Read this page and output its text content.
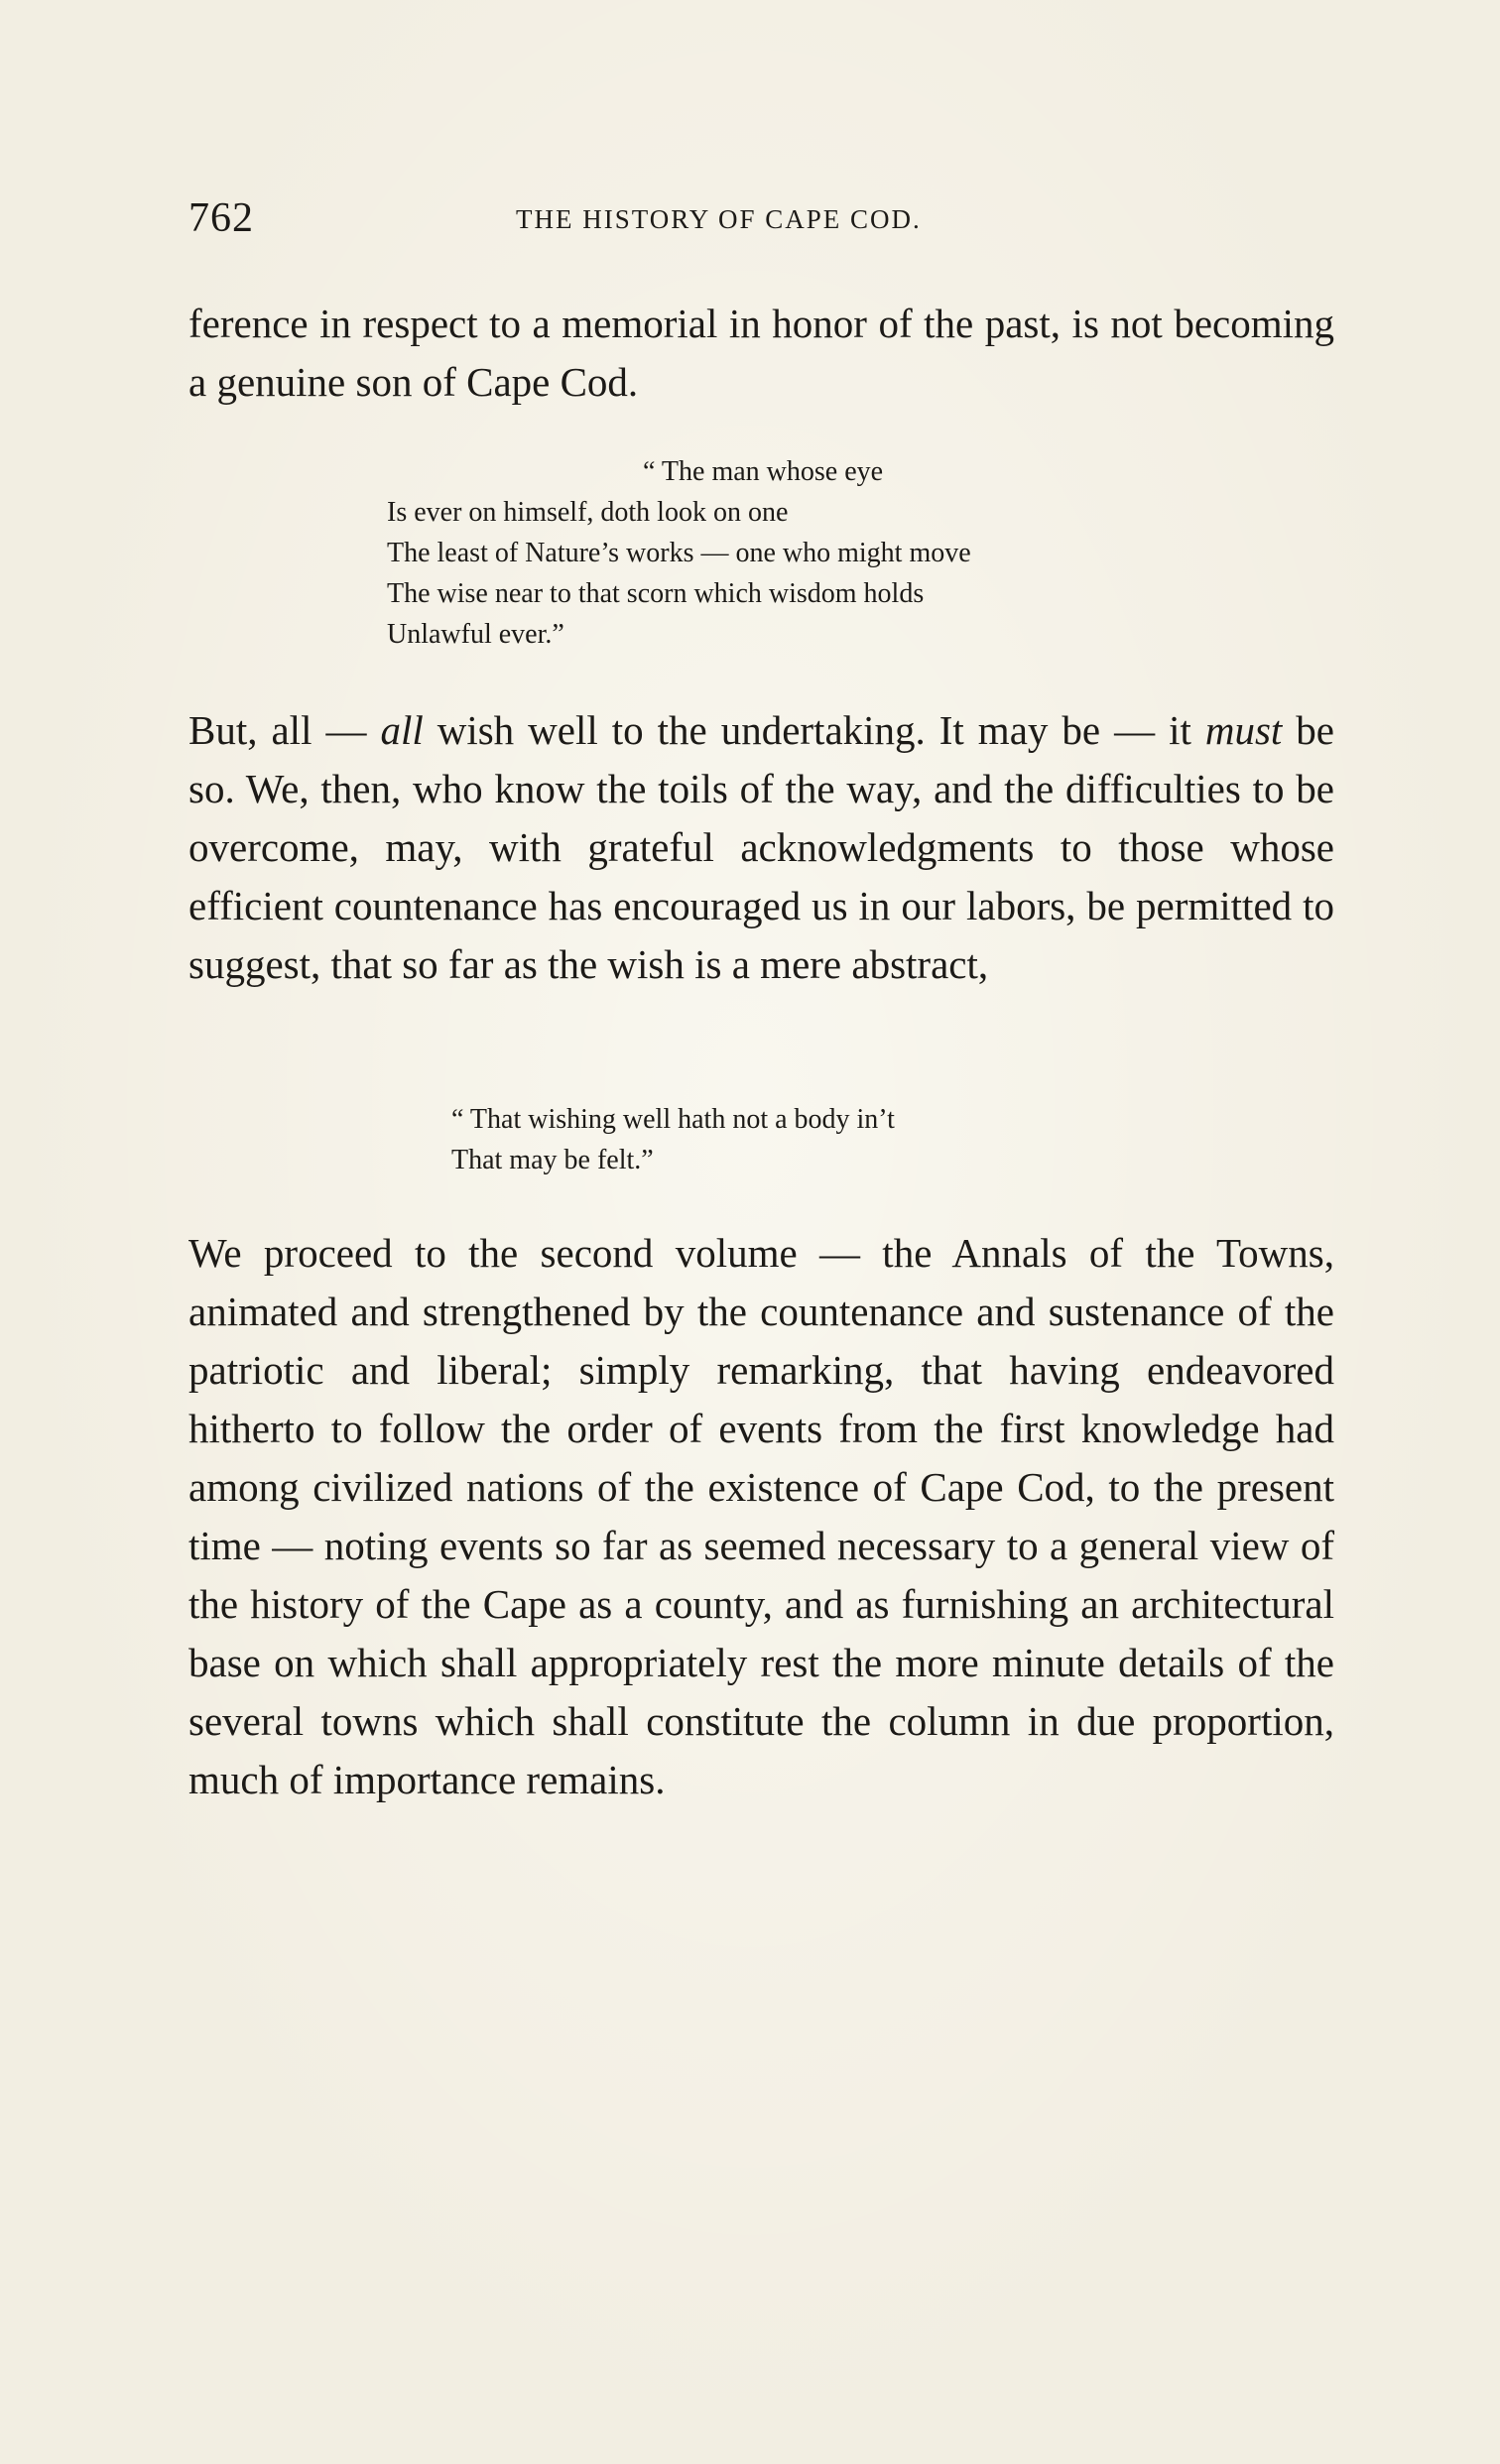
762	THE HISTORY OF CAPE COD.

ference in respect to a memorial in honor of the past, is not becoming a genuine son of Cape Cod.

“ The man whose eye
Is ever on himself, doth look on one
The least of Nature’s works — one who might move
The wise near to that scorn which wisdom holds
Unlawful ever.”

But, all — all wish well to the undertaking. It may be — it must be so. We, then, who know the toils of the way, and the difficulties to be overcome, may, with grateful acknowledgments to those whose efficient countenance has encouraged us in our labors, be permitted to suggest, that so far as the wish is a mere abstract,

“ That wishing well hath not a body in’t
That may be felt.”

We proceed to the second volume — the Annals of the Towns, animated and strengthened by the countenance and sustenance of the patriotic and liberal; simply remarking, that having endeavored hitherto to follow the order of events from the first knowledge had among civilized nations of the existence of Cape Cod, to the present time — noting events so far as seemed necessary to a general view of the history of the Cape as a county, and as furnishing an architectural base on which shall appropriately rest the more minute details of the several towns which shall constitute the column in due proportion, much of importance remains.
